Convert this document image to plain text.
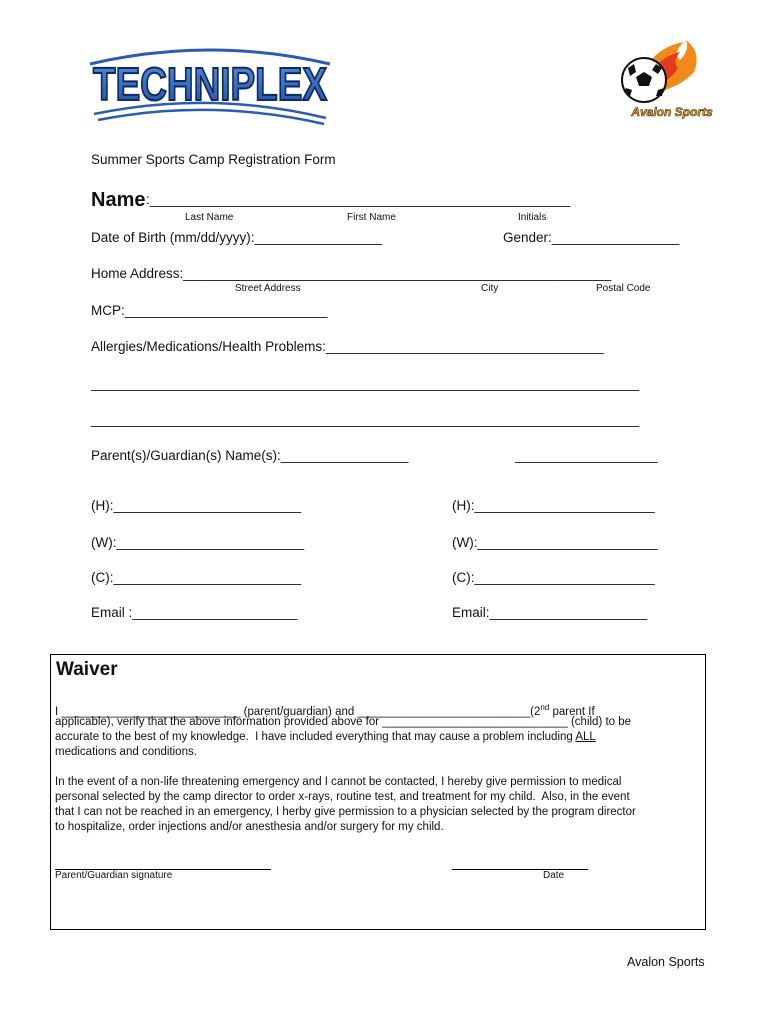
TECHNIPLEX
Avalon Sports
Summer Sports Camp Registration Form
Name :________________________________________________________
Last Name	First Name	Initials
Date of Birth (mm/dd/yyyy):_________________	Gender:_________________
Home Address:_________________________________________________________
Street Address	City	Postal Code
MCP:___________________________
Allergies/Medications/Health Problems:_____________________________________
_________________________________________________________________________
_________________________________________________________________________
Parent(s)/Guardian(s) Name(s):_________________	___________________
(H):_________________________	(H):________________________
(W):_________________________	(W):________________________
(C):_________________________	(C):________________________
Email :______________________	Email:_____________________
Waiver
I ____________________________ (parent/guardian) and ___________________________(2nd parent If
applicable), verify that the above information provided above for _____________________________ (child) to be
accurate to the best of my knowledge.  I have included everything that may cause a problem including ALL
medications and conditions.
In the event of a non-life threatening emergency and I cannot be contacted, I hereby give permission to medical
personal selected by the camp director to order x-rays, routine test, and treatment for my child.  Also, in the event
that I can not be reached in an emergency, I herby give permission to a physician selected by the program director
to hospitalize, order injections and/or anesthesia and/or surgery for my child.
Parent/Guardian signature	Date
Avalon Sports
